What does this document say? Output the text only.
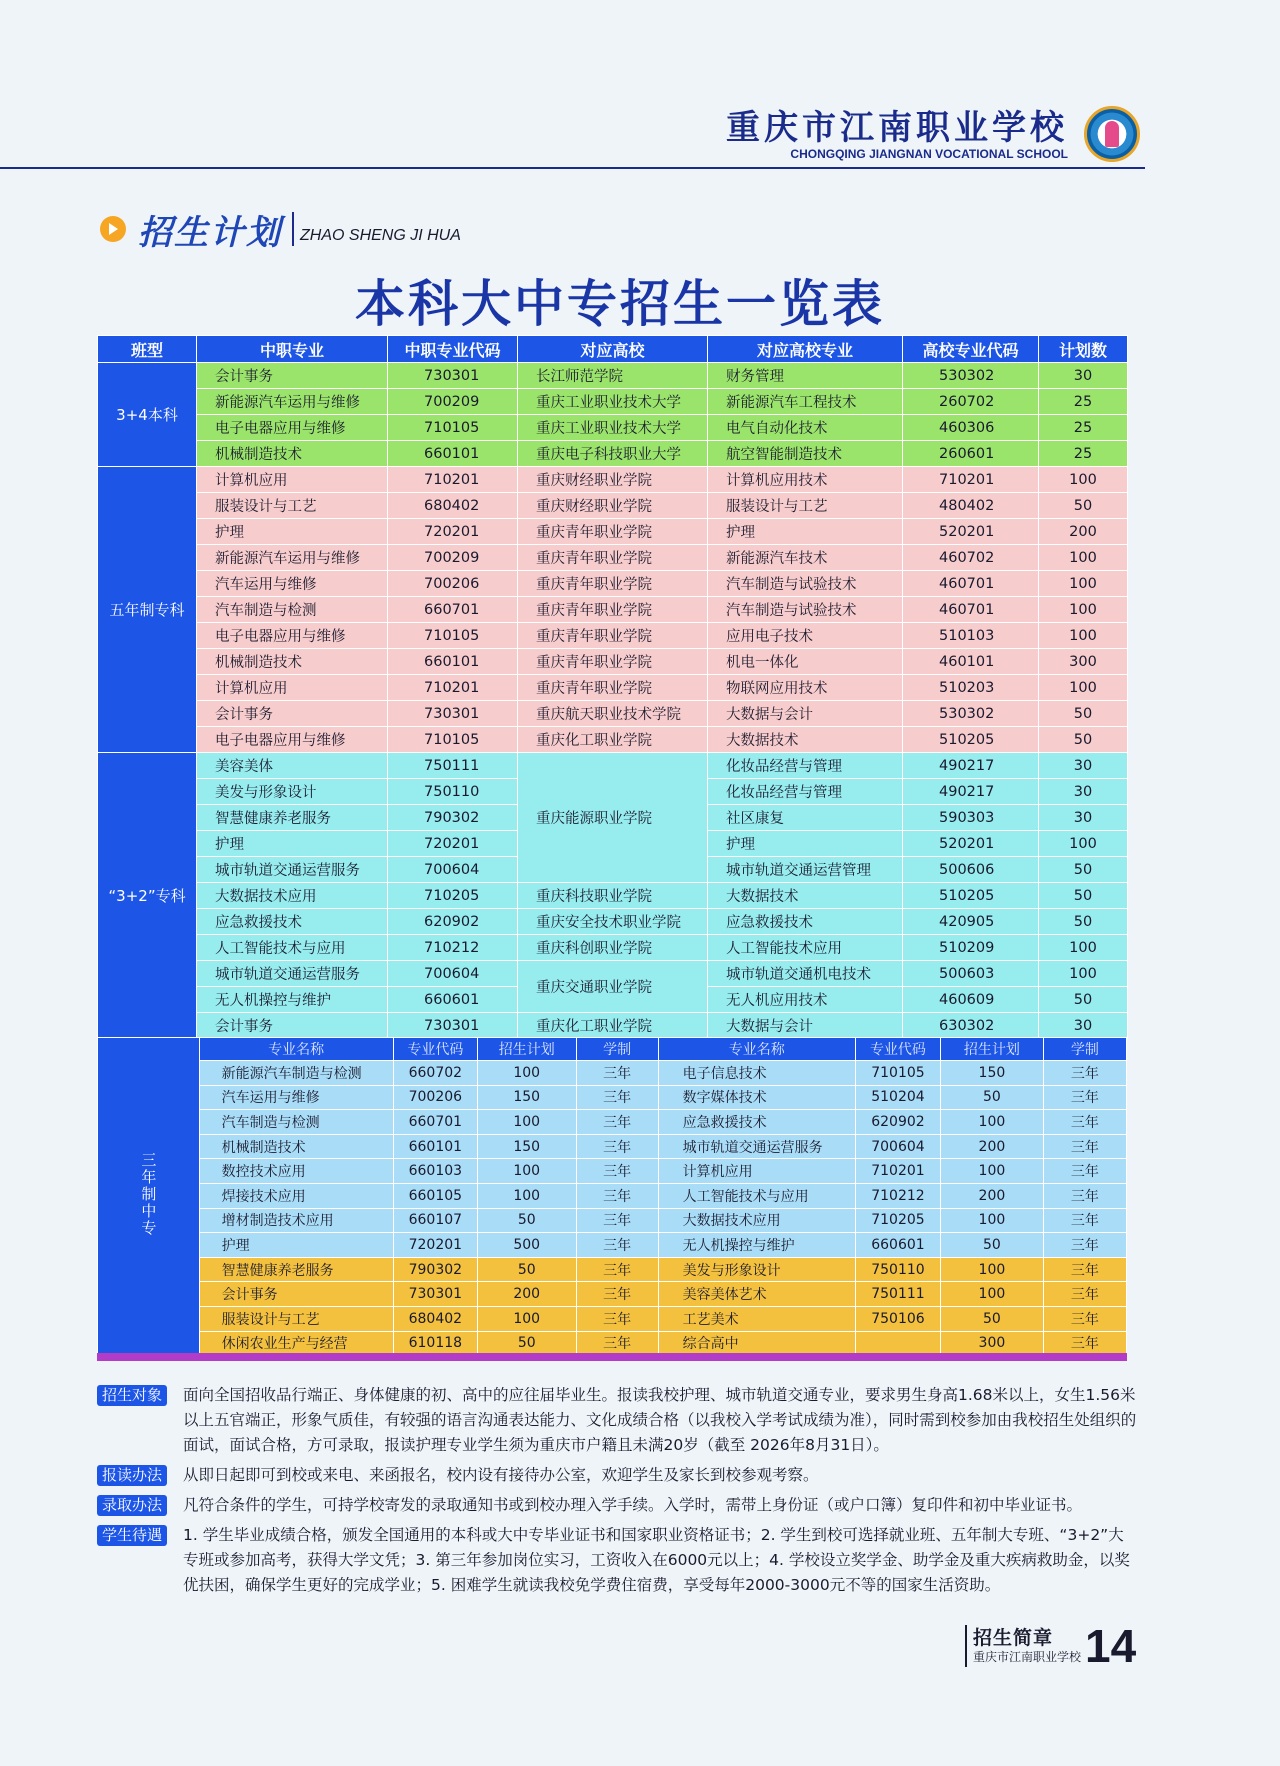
重庆市江南职业学校
CHONGQING JIANGNAN VOCATIONAL SCHOOL
招生计划 ZHAO SHENG JI HUA
本科大中专招生一览表
班型	中职专业	中职专业代码	对应高校	对应高校专业	高校专业代码	计划数
3+4本科	会计事务	730301	长江师范学院	财务管理	530302	30
	新能源汽车运用与维修	700209	重庆工业职业技术大学	新能源汽车工程技术	260702	25
	电子电器应用与维修	710105	重庆工业职业技术大学	电气自动化技术	460306	25
	机械制造技术	660101	重庆电子科技职业大学	航空智能制造技术	260601	25
五年制专科	计算机应用	710201	重庆财经职业学院	计算机应用技术	710201	100
	服装设计与工艺	680402	重庆财经职业学院	服装设计与工艺	480402	50
	护理	720201	重庆青年职业学院	护理	520201	200
	新能源汽车运用与维修	700209	重庆青年职业学院	新能源汽车技术	460702	100
	汽车运用与维修	700206	重庆青年职业学院	汽车制造与试验技术	460701	100
	汽车制造与检测	660701	重庆青年职业学院	汽车制造与试验技术	460701	100
	电子电器应用与维修	710105	重庆青年职业学院	应用电子技术	510103	100
	机械制造技术	660101	重庆青年职业学院	机电一体化	460101	300
	计算机应用	710201	重庆青年职业学院	物联网应用技术	510203	100
	会计事务	730301	重庆航天职业技术学院	大数据与会计	530302	50
	电子电器应用与维修	710105	重庆化工职业学院	大数据技术	510205	50
“3+2”专科	美容美体	750111	重庆能源职业学院	化妆品经营与管理	490217	30
	美发与形象设计	750110		化妆品经营与管理	490217	30
	智慧健康养老服务	790302		社区康复	590303	30
	护理	720201		护理	520201	100
	城市轨道交通运营服务	700604		城市轨道交通运营管理	500606	50
	大数据技术应用	710205	重庆科技职业学院	大数据技术	510205	50
	应急救援技术	620902	重庆安全技术职业学院	应急救援技术	420905	50
	人工智能技术与应用	710212	重庆科创职业学院	人工智能技术应用	510209	100
	城市轨道交通运营服务	700604	重庆交通职业学院	城市轨道交通机电技术	500603	100
	无人机操控与维护	660601		无人机应用技术	460609	50
	会计事务	730301	重庆化工职业学院	大数据与会计	630302	30
三年制中专	专业名称	专业代码	招生计划	学制	专业名称	专业代码	招生计划	学制
	新能源汽车制造与检测	660702	100	三年	电子信息技术	710105	150	三年
	汽车运用与维修	700206	150	三年	数字媒体技术	510204	50	三年
	汽车制造与检测	660701	100	三年	应急救援技术	620902	100	三年
	机械制造技术	660101	150	三年	城市轨道交通运营服务	700604	200	三年
	数控技术应用	660103	100	三年	计算机应用	710201	100	三年
	焊接技术应用	660105	100	三年	人工智能技术与应用	710212	200	三年
	增材制造技术应用	660107	50	三年	大数据技术应用	710205	100	三年
	护理	720201	500	三年	无人机操控与维护	660601	50	三年
	智慧健康养老服务	790302	50	三年	美发与形象设计	750110	100	三年
	会计事务	730301	200	三年	美容美体艺术	750111	100	三年
	服装设计与工艺	680402	100	三年	工艺美术	750106	50	三年
	休闲农业生产与经营	610118	50	三年	综合高中		300	三年
招生对象	面向全国招收品行端正、身体健康的初、高中的应往届毕业生。报读我校护理、城市轨道交通专业，要求男生身高1.68米以上，女生1.56米以上五官端正，形象气质佳，有较强的语言沟通表达能力、文化成绩合格（以我校入学考试成绩为准），同时需到校参加由我校招生处组织的面试，面试合格，方可录取，报读护理专业学生须为重庆市户籍且未满20岁（截至 2026年8月31日）。
报读办法	从即日起即可到校或来电、来函报名，校内设有接待办公室，欢迎学生及家长到校参观考察。
录取办法	凡符合条件的学生，可持学校寄发的录取通知书或到校办理入学手续。入学时，需带上身份证（或户口簿）复印件和初中毕业证书。
学生待遇	1. 学生毕业成绩合格，颁发全国通用的本科或大中专毕业证书和国家职业资格证书；2. 学生到校可选择就业班、五年制大专班、“3+2”大专班或参加高考，获得大学文凭；3. 第三年参加岗位实习，工资收入在6000元以上；4. 学校设立奖学金、助学金及重大疾病救助金，以奖优扶困，确保学生更好的完成学业；5. 困难学生就读我校免学费住宿费，享受每年2000-3000元不等的国家生活资助。
招生简章
重庆市江南职业学校 14
